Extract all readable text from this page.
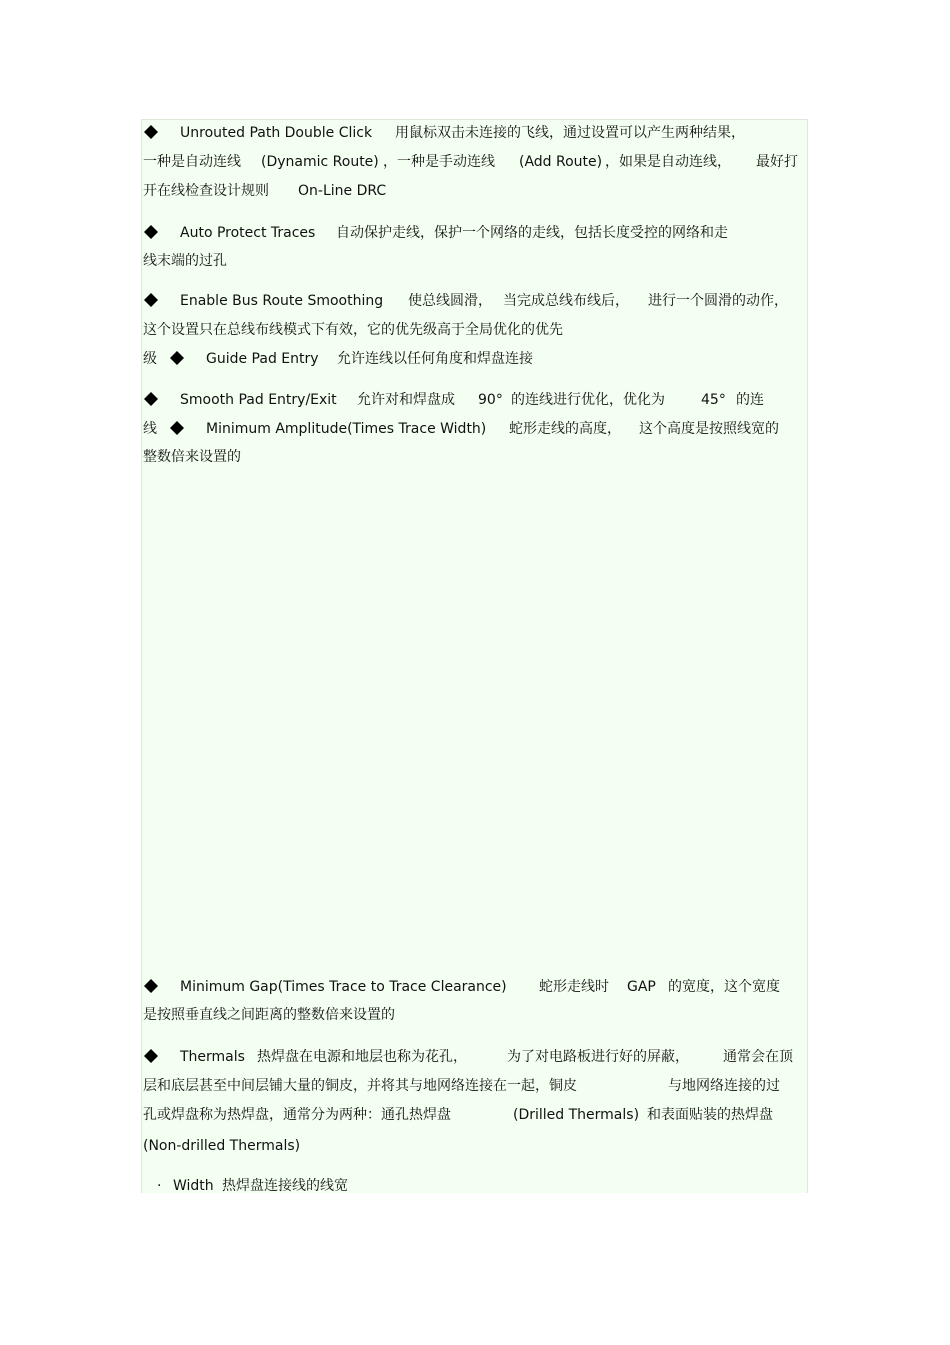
Unrouted Path Double Click

用鼠标双击未连接的飞线，通过设置可以产生两种结果，

一种是自动连线

(Dynamic Route)

，一种是手动连线

(Add Route)

，如果是自动连线，

最好打

开在线检查设计规则

On-Line DRC

Auto Protect Traces

自动保护走线，保护一个网络的走线，包括长度受控的网络和走

线末端的过孔

Enable Bus Route Smoothing

使总线圆滑，

当完成总线布线后，

进行一个圆滑的动作，

这个设置只在总线布线模式下有效，它的优先级高于全局优化的优先

级

	Guide Pad Entry

允许连线以任何角度和焊盘连接

Smooth Pad Entry/Exit

允许对和焊盘成

90°

的连线进行优化，优化为

	45°

的连

线

	Minimum Amplitude(Times Trace Width)

蛇形走线的高度，

这个高度是按照线宽的

整数倍来设置的

Minimum Gap(Times Trace to Trace Clearance)

蛇形走线时

GAP

的宽度，这个宽度

是按照垂直线之间距离的整数倍来设置的

Thermals

热焊盘在电源和地层也称为花孔，

	为了对电路板进行好的屏蔽，

通常会在顶

层和底层甚至中间层铺大量的铜皮，并将其与地网络连接在一起，铜皮

	与地网络连接的过

孔或焊盘称为热焊盘，通常分为两种：通孔热焊盘

	(Drilled Thermals)

和表面贴装的热焊盘

(Non-drilled Thermals)

·

Width

热焊盘连接线的线宽
